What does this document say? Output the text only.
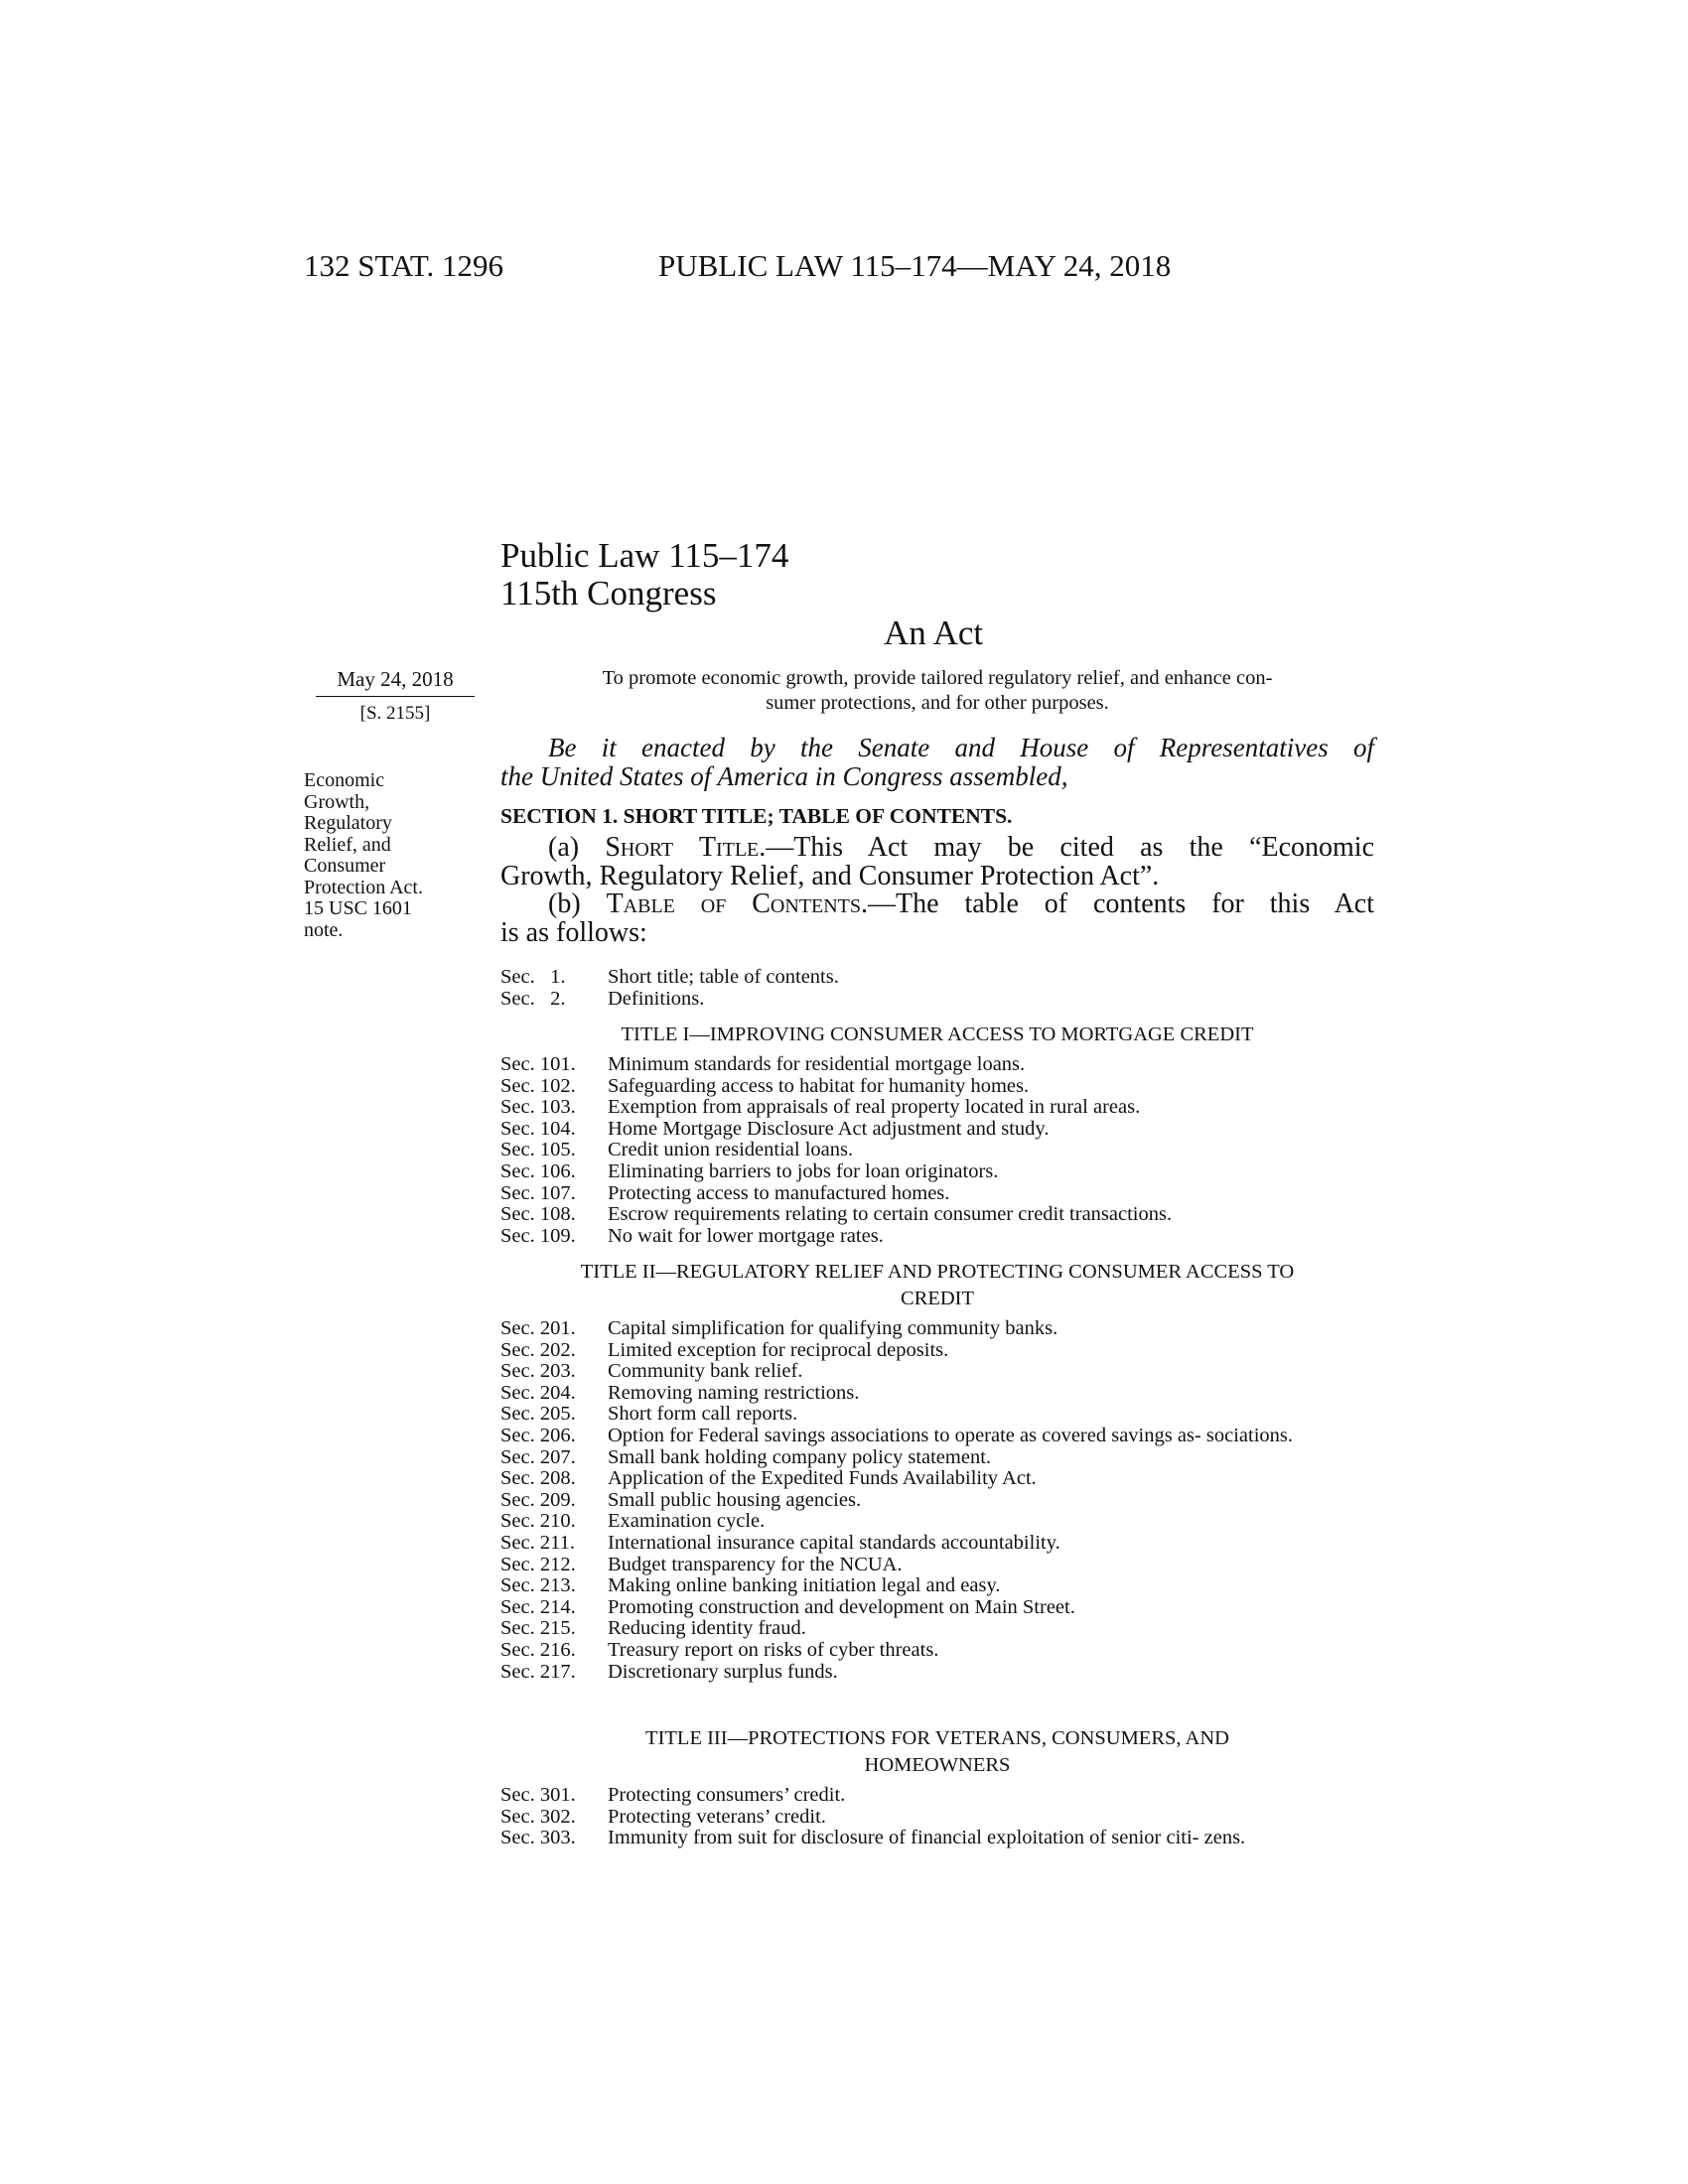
132 STAT. 1296	PUBLIC LAW 115–174—MAY 24, 2018
Public Law 115–174
115th Congress
An Act
May 24, 2018
[S. 2155]
Economic
Growth,
Regulatory
Relief, and
Consumer
Protection Act.
15 USC 1601
note.
To promote economic growth, provide tailored regulatory relief, and enhance con-
sumer protections, and for other purposes.
Be it enacted by the Senate and House of Representatives of
the United States of America in Congress assembled,
SECTION 1. SHORT TITLE; TABLE OF CONTENTS.
(a) Short Title.—This Act may be cited as the “Economic
Growth, Regulatory Relief, and Consumer Protection Act”.
(b) Table of Contents.—The table of contents for this Act
is as follows:
Sec.   1. Short title; table of contents.
Sec.   2. Definitions.
TITLE I—IMPROVING CONSUMER ACCESS TO MORTGAGE CREDIT
Sec. 101. Minimum standards for residential mortgage loans.
Sec. 102. Safeguarding access to habitat for humanity homes.
Sec. 103. Exemption from appraisals of real property located in rural areas.
Sec. 104. Home Mortgage Disclosure Act adjustment and study.
Sec. 105. Credit union residential loans.
Sec. 106. Eliminating barriers to jobs for loan originators.
Sec. 107. Protecting access to manufactured homes.
Sec. 108. Escrow requirements relating to certain consumer credit transactions.
Sec. 109. No wait for lower mortgage rates.
TITLE II—REGULATORY RELIEF AND PROTECTING CONSUMER ACCESS TO
CREDIT
Sec. 201. Capital simplification for qualifying community banks.
Sec. 202. Limited exception for reciprocal deposits.
Sec. 203. Community bank relief.
Sec. 204. Removing naming restrictions.
Sec. 205. Short form call reports.
Sec. 206. Option for Federal savings associations to operate as covered savings as- sociations.
Sec. 207. Small bank holding company policy statement.
Sec. 208. Application of the Expedited Funds Availability Act.
Sec. 209. Small public housing agencies.
Sec. 210. Examination cycle.
Sec. 211. International insurance capital standards accountability.
Sec. 212. Budget transparency for the NCUA.
Sec. 213. Making online banking initiation legal and easy.
Sec. 214. Promoting construction and development on Main Street.
Sec. 215. Reducing identity fraud.
Sec. 216. Treasury report on risks of cyber threats.
Sec. 217. Discretionary surplus funds.
TITLE III—PROTECTIONS FOR VETERANS, CONSUMERS, AND
HOMEOWNERS
Sec. 301. Protecting consumers’ credit.
Sec. 302. Protecting veterans’ credit.
Sec. 303. Immunity from suit for disclosure of financial exploitation of senior citi- zens.
